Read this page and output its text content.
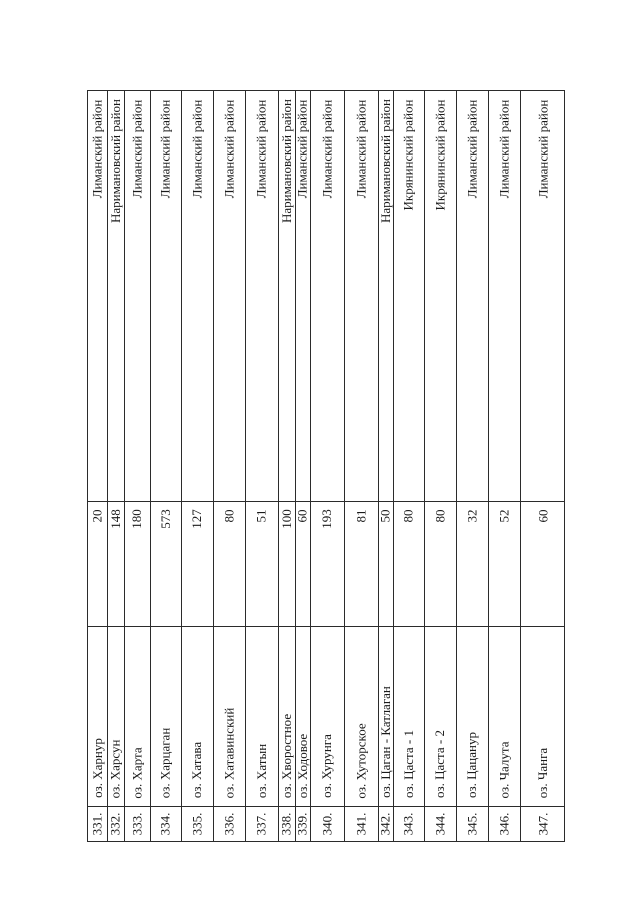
331.
оз. Харнур
20
Лиманский район
332.
оз. Харсун
148
Наримановский район
333.
оз. Харта
180
Лиманский район
334.
оз. Харцаган
573
Лиманский район
335.
оз. Хатава
127
Лиманский район
336.
оз. Хатавинский
80
Лиманский район
337.
оз. Хатын
51
Лиманский район
338.
оз. Хворостное
100
Наримановский район
339.
оз. Ходовое
60
Лиманский район
340.
оз. Хурунга
193
Лиманский район
341.
оз. Хуторское
81
Лиманский район
342.
оз. Цаган - Катлаган
50
Наримановский район
343.
оз. Цаста - 1
80
Икрянинский район
344.
оз. Цаста - 2
80
Икрянинский район
345.
оз. Цацанур
32
Лиманский район
346.
оз. Чалута
52
Лиманский район
347.
оз. Чанга
60
Лиманский район
